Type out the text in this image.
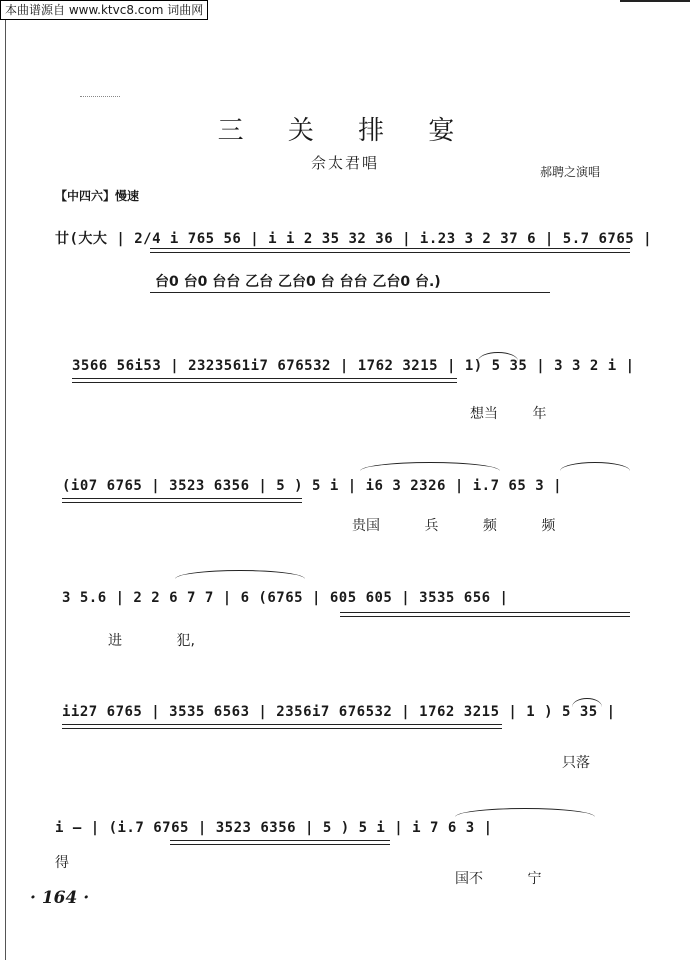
本曲谱源自 www.ktvc8.com 词曲网
三 关 排 宴
佘太君唱	郝聘之演唱
【中四六】慢速
廿(大大 | 2/4 i 765 56 | i i 2 35 32 36 | i.23 3 2 37 6 | 5.7 6765 |
台0 台0 台台 乙台 乙台0 台 台台 乙台0 台.)
3566 56i53 | 2323561i7 676532 | 1762 3215 | 1) 5 35 | 3 3 2 i |
想当 年
(i07 6765 | 3523 6356 | 5 ) 5 i | i6 3 2326 | i.7 65 3 |
贵国 兵 频 频
3 5.6 | 2 2 6 7 7 | 6 (6765 | 605 605 | 3535 656 |
进 犯,
ii27 6765 | 3535 6563 | 2356i7 676532 | 1762 3215 | 1 ) 5 35 |
只落
i – | (i.7 6765 | 3523 6356 | 5 ) 5 i | i 7 6 3 |
得
国不 宁
· 164 ·
